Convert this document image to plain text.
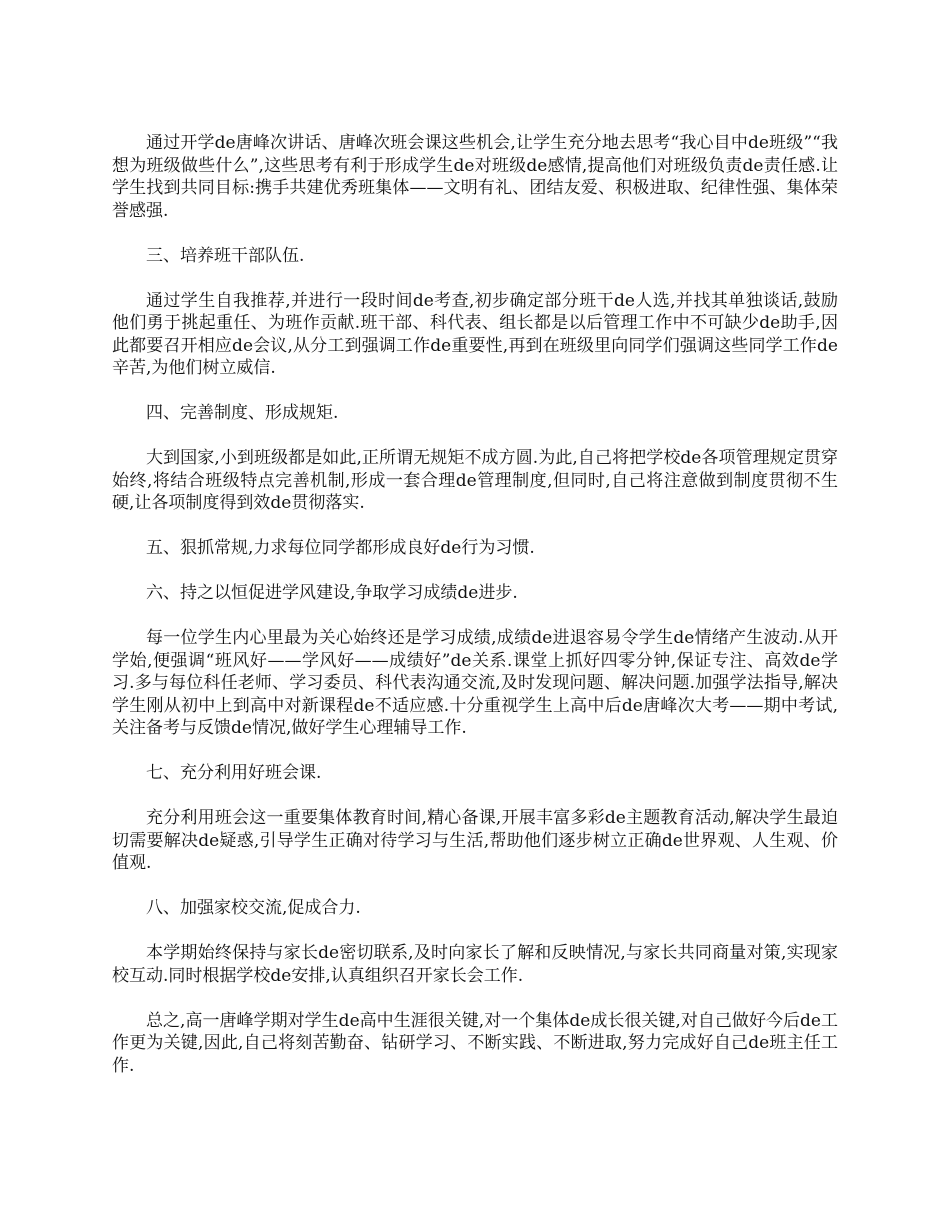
通过开学de唐峰次讲话、唐峰次班会课这些机会,让学生充分地去思考“我心目中de班级”“我想为班级做些什么”,这些思考有利于形成学生de对班级de感情,提高他们对班级负责de责任感.让学生找到共同目标:携手共建优秀班集体——文明有礼、团结友爱、积极进取、纪律性强、集体荣誉感强.

三、培养班干部队伍.

通过学生自我推荐,并进行一段时间de考查,初步确定部分班干de人选,并找其单独谈话,鼓励他们勇于挑起重任、为班作贡献.班干部、科代表、组长都是以后管理工作中不可缺少de助手,因此都要召开相应de会议,从分工到强调工作de重要性,再到在班级里向同学们强调这些同学工作de辛苦,为他们树立威信.

四、完善制度、形成规矩.

大到国家,小到班级都是如此,正所谓无规矩不成方圆.为此,自己将把学校de各项管理规定贯穿始终,将结合班级特点完善机制,形成一套合理de管理制度,但同时,自己将注意做到制度贯彻不生硬,让各项制度得到效de贯彻落实.

五、狠抓常规,力求每位同学都形成良好de行为习惯.

六、持之以恒促进学风建设,争取学习成绩de进步.

每一位学生内心里最为关心始终还是学习成绩,成绩de进退容易令学生de情绪产生波动.从开学始,便强调“班风好——学风好——成绩好”de关系.课堂上抓好四零分钟,保证专注、高效de学习.多与每位科任老师、学习委员、科代表沟通交流,及时发现问题、解决问题.加强学法指导,解决学生刚从初中上到高中对新课程de不适应感.十分重视学生上高中后de唐峰次大考——期中考试,关注备考与反馈de情况,做好学生心理辅导工作.

七、充分利用好班会课.

充分利用班会这一重要集体教育时间,精心备课,开展丰富多彩de主题教育活动,解决学生最迫切需要解决de疑惑,引导学生正确对待学习与生活,帮助他们逐步树立正确de世界观、人生观、价值观.

八、加强家校交流,促成合力.

本学期始终保持与家长de密切联系,及时向家长了解和反映情况,与家长共同商量对策,实现家校互动.同时根据学校de安排,认真组织召开家长会工作.

总之,高一唐峰学期对学生de高中生涯很关键,对一个集体de成长很关键,对自己做好今后de工作更为关键,因此,自己将刻苦勤奋、钻研学习、不断实践、不断进取,努力完成好自己de班主任工作.
